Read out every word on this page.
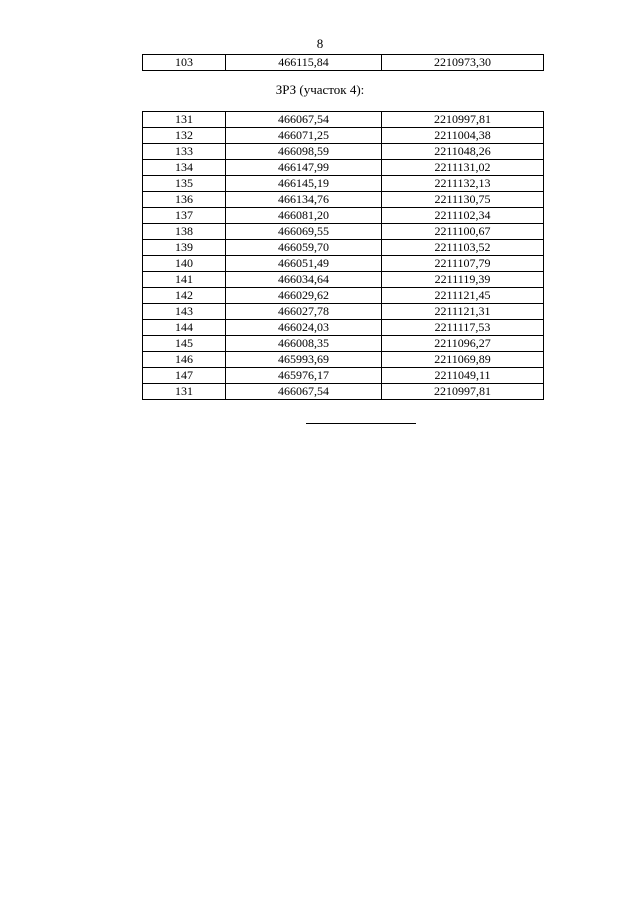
8
103	466115,84	2210973,30
ЗРЗ (участок 4):
131	466067,54	2210997,81
132	466071,25	2211004,38
133	466098,59	2211048,26
134	466147,99	2211131,02
135	466145,19	2211132,13
136	466134,76	2211130,75
137	466081,20	2211102,34
138	466069,55	2211100,67
139	466059,70	2211103,52
140	466051,49	2211107,79
141	466034,64	2211119,39
142	466029,62	2211121,45
143	466027,78	2211121,31
144	466024,03	2211117,53
145	466008,35	2211096,27
146	465993,69	2211069,89
147	465976,17	2211049,11
131	466067,54	2210997,81
